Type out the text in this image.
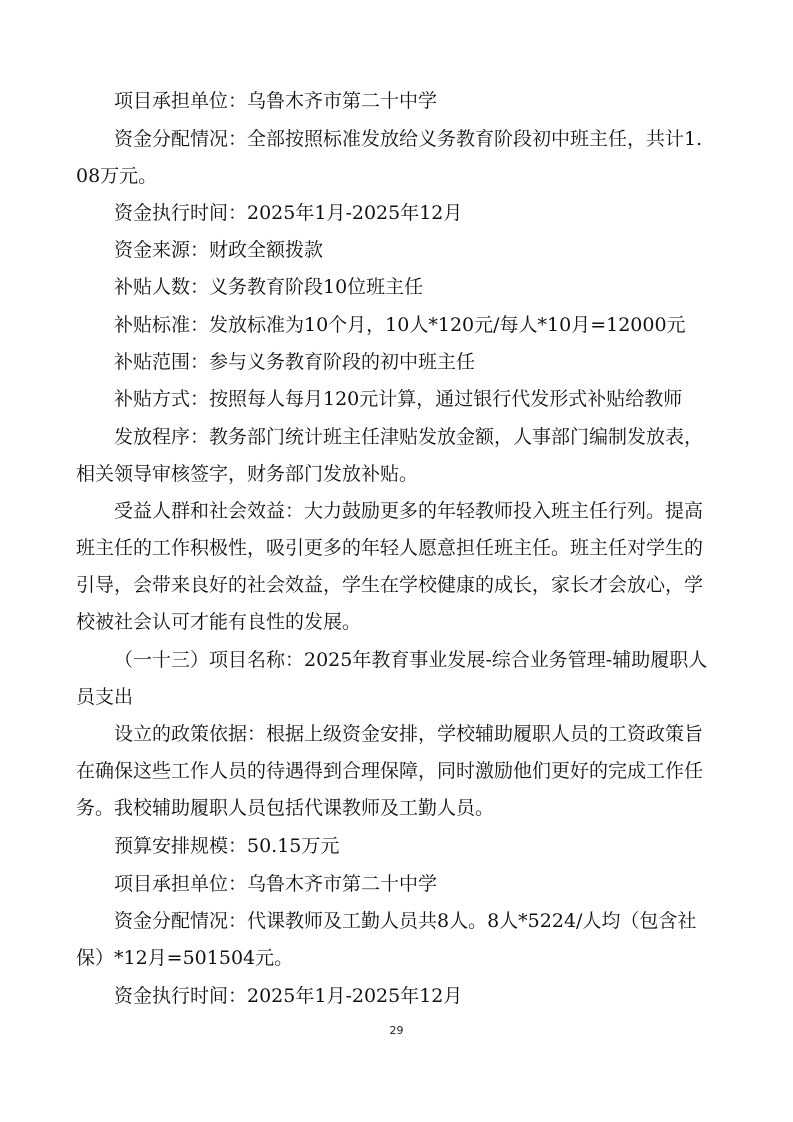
项目承担单位：乌鲁木齐市第二十中学

资金分配情况：全部按照标准发放给义务教育阶段初中班主任，共计1.08万元。

资金执行时间：2025年1月-2025年12月

资金来源：财政全额拨款

补贴人数：义务教育阶段10位班主任

补贴标准：发放标准为10个月，10人*120元/每人*10月=12000元

补贴范围：参与义务教育阶段的初中班主任

补贴方式：按照每人每月120元计算，通过银行代发形式补贴给教师

发放程序：教务部门统计班主任津贴发放金额，人事部门编制发放表，相关领导审核签字，财务部门发放补贴。

受益人群和社会效益：大力鼓励更多的年轻教师投入班主任行列。提高班主任的工作积极性，吸引更多的年轻人愿意担任班主任。班主任对学生的引导，会带来良好的社会效益，学生在学校健康的成长，家长才会放心，学校被社会认可才能有良性的发展。

（一十三）项目名称：2025年教育事业发展-综合业务管理-辅助履职人员支出

设立的政策依据：根据上级资金安排，学校辅助履职人员的工资政策旨在确保这些工作人员的待遇得到合理保障，同时激励他们更好的完成工作任务。我校辅助履职人员包括代课教师及工勤人员。

预算安排规模：50.15万元

项目承担单位：乌鲁木齐市第二十中学

资金分配情况：代课教师及工勤人员共8人。8人*5224/人均（包含社保）*12月=501504元。

资金执行时间：2025年1月-2025年12月

29
